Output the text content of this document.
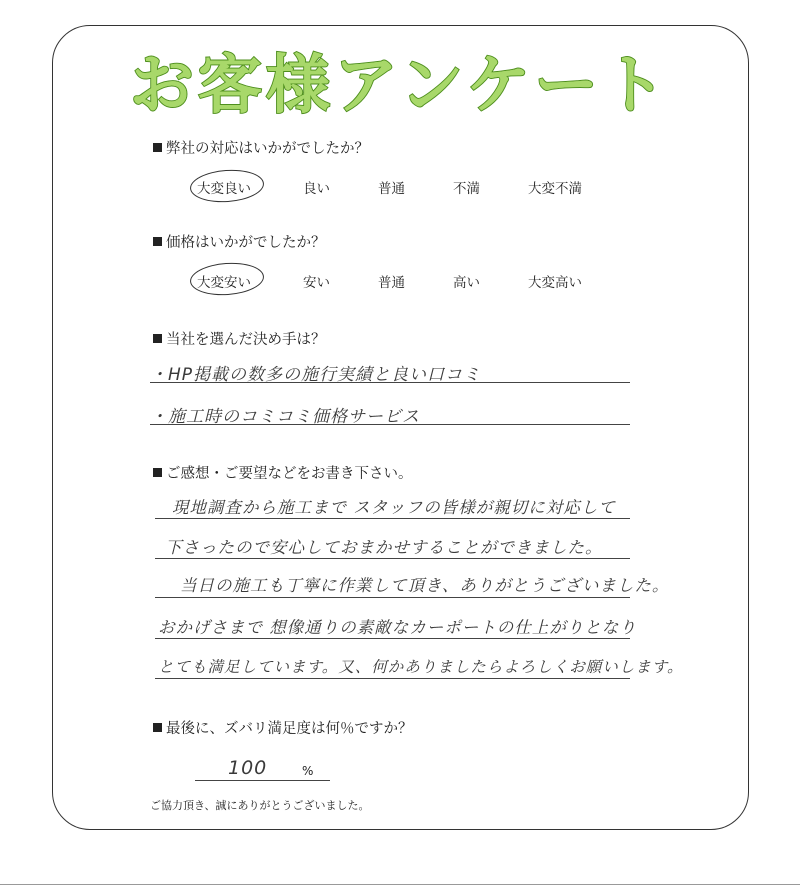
お客様アンケート
弊社の対応はいかがでしたか？
大変良い	良い	普通	不満	大変不満
価格はいかがでしたか？
大変安い	安い	普通	高い	大変高い
当社を選んだ決め手は？
・HP掲載の数多の施行実績と良い口コミ
・施工時のコミコミ価格サービス
ご感想・ご要望などをお書き下さい。
現地調査から施工まで スタッフの皆様が親切に対応して
下さったので安心しておまかせすることができました。
当日の施工も丁寧に作業して頂き、ありがとうございました。
おかげさまで 想像通りの素敵なカーポートの仕上がりとなり
とても満足しています。又、何かありましたらよろしくお願いします。
最後に、ズバリ満足度は何％ですか？
100	%
ご協力頂き、誠にありがとうございました。
